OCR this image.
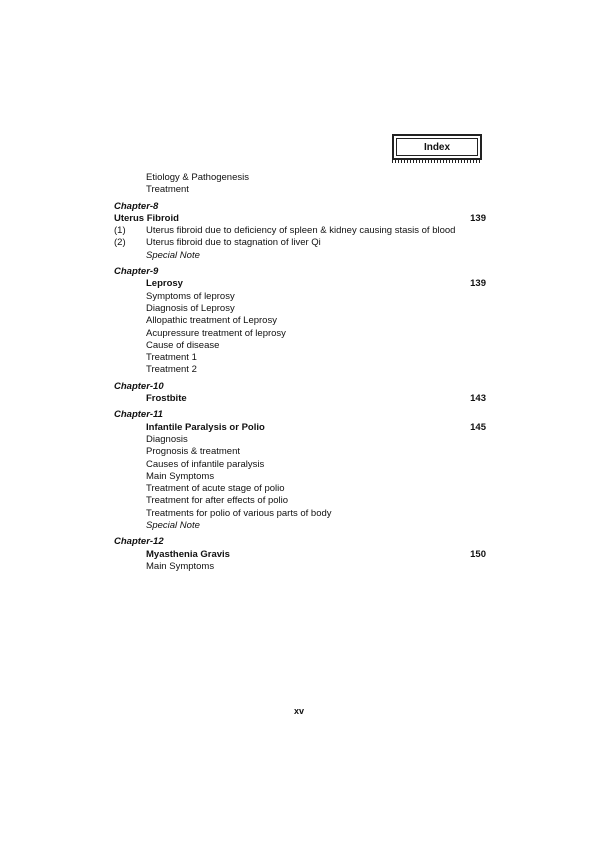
Index
Etiology & Pathogenesis
Treatment
Chapter-8
Uterus Fibroid	139
(1) Uterus fibroid due to deficiency of spleen & kidney causing stasis of blood
(2) Uterus fibroid due to stagnation of liver Qi
Special Note
Chapter-9
Leprosy	139
Symptoms of leprosy
Diagnosis of Leprosy
Allopathic treatment of Leprosy
Acupressure treatment of leprosy
Cause of disease
Treatment 1
Treatment 2
Chapter-10
Frostbite	143
Chapter-11
Infantile Paralysis or Polio	145
Diagnosis
Prognosis & treatment
Causes of infantile paralysis
Main Symptoms
Treatment of acute stage of polio
Treatment for after effects of polio
Treatments for polio of various parts of body
Special Note
Chapter-12
Myasthenia Gravis	150
Main Symptoms
xv
